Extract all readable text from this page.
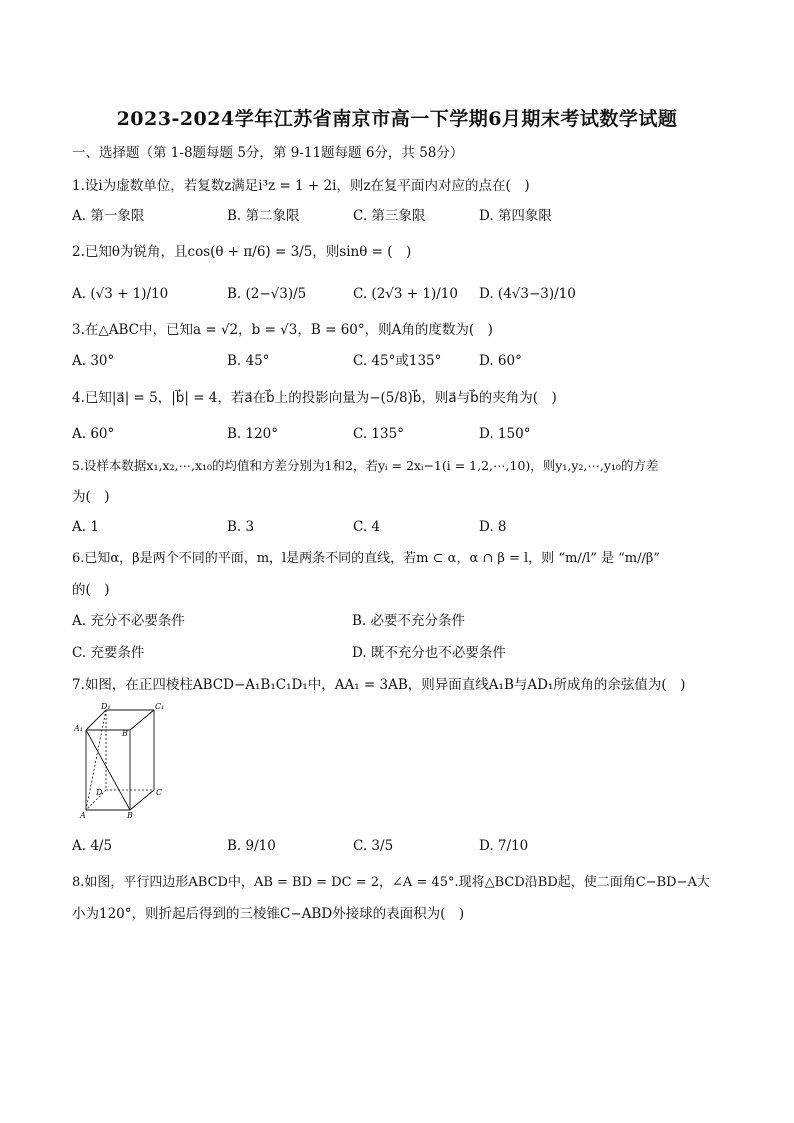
2023-2024学年江苏省南京市高一下学期6月期末考试数学试题
一、选择题（第 1-8题每题 5分，第 9-11题每题 6分，共 58分）
1.设i为虚数单位，若复数z满足i³z = 1 + 2i，则z在复平面内对应的点在(　)
A. 第一象限	B. 第二象限	C. 第三象限	D. 第四象限
2.已知θ为锐角，且cos(θ + π/6) = 3/5，则sinθ = (　)
A. (√3 + 1)/10	B. (2−√3)/5	C. (2√3 + 1)/10 D. (4√3−3)/10
3.在△ABC中，已知a = √2，b = √3，B = 60°，则A角的度数为(　)
A. 30°	B. 45°	C. 45°或135°	D. 60°
4.已知|a⃗| = 5，|b⃗| = 4，若a⃗在b⃗上的投影向量为−(5/8)b⃗，则a⃗与b⃗的夹角为(　)
A. 60°	B. 120°	C. 135°	D. 150°
5.设样本数据x₁,x₂,⋯,x₁₀的均值和方差分别为1和2，若yᵢ = 2xᵢ−1(i = 1,2,⋯,10)，则y₁,y₂,⋯,y₁₀的方差
为(　)
A. 1	B. 3	C. 4	D. 8
6.已知α，β是两个不同的平面，m，l是两条不同的直线，若m ⊂ α，α ∩ β = l，则 “m//l” 是 “m//β”
的(　)
A. 充分不必要条件	B. 必要不充分条件
C. 充要条件	D. 既不充分也不必要条件
7.如图，在正四棱柱ABCD−A₁B₁C₁D₁中，AA₁ = 3AB，则异面直线A₁B与AD₁所成角的余弦值为(　)
D₁	C₁
A₁
B
D	C
A	B
A. 4/5	B. 9/10	C. 3/5	D. 7/10
8.如图，平行四边形ABCD中，AB = BD = DC = 2，∠A = 45°.现将△BCD沿BD起，使二面角C−BD−A大
小为120°，则折起后得到的三棱锥C−ABD外接球的表面积为(　)
